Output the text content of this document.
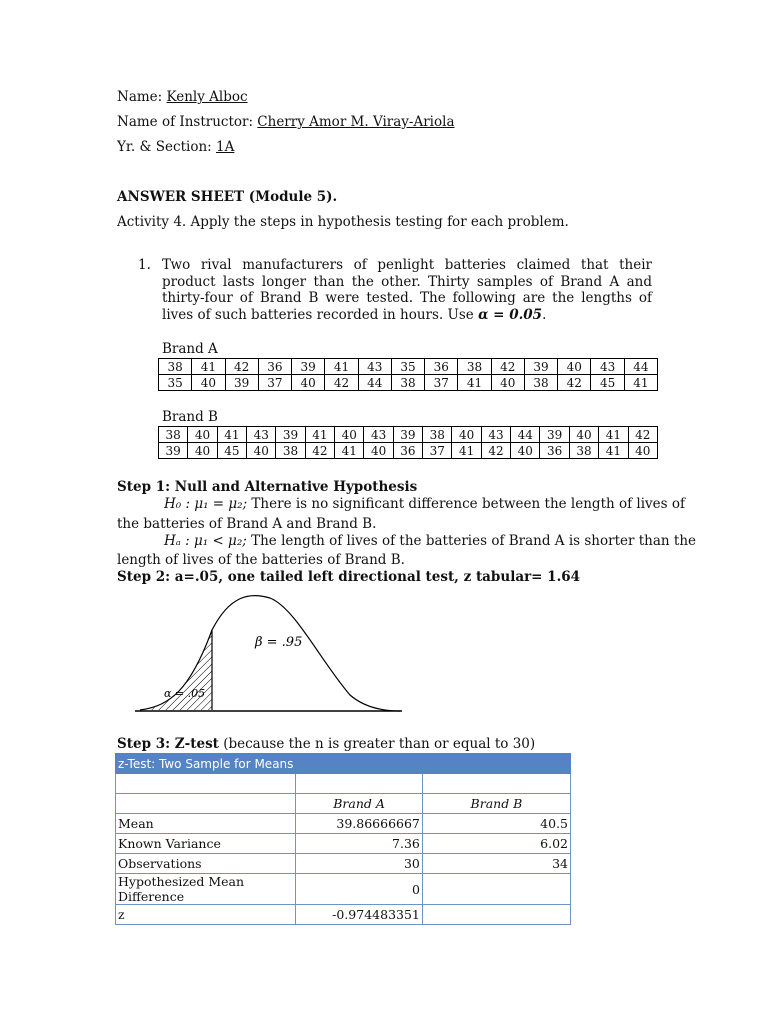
Name: Kenly Alboc
Name of Instructor: Cherry Amor M. Viray-Ariola
Yr. & Section: 1A
ANSWER SHEET (Module 5).
Activity 4. Apply the steps in hypothesis testing for each problem.
1. Two rival manufacturers of penlight batteries claimed that their product lasts longer than the other. Thirty samples of Brand A and thirty-four of Brand B were tested. The following are the lengths of lives of such batteries recorded in hours. Use α = 0.05.
Brand A
38	41	42	36	39	41	43	35	36	38	42	39	40	43	44
35	40	39	37	40	42	44	38	37	41	40	38	42	45	41
Brand B
38	40	41	43	39	41	40	43	39	38	40	43	44	39	40	41	42
39	40	45	40	38	42	41	40	36	37	41	42	40	36	38	41	40
Step 1: Null and Alternative Hypothesis
H₀ : μ₁ = μ₂; There is no significant difference between the length of lives of
the batteries of Brand A and Brand B.
Hₐ : μ₁ < μ₂; The length of lives of the batteries of Brand A is shorter than the
length of lives of the batteries of Brand B.
Step 2: a=.05, one tailed left directional test, z tabular= 1.64
β = .95
α = .05
Step 3: Z-test (because the n is greater than or equal to 30)
z-Test: Two Sample for Means		

	Brand A	Brand B
Mean	39.86666667	40.5
Known Variance	7.36	6.02
Observations	30	34
Hypothesized Mean Difference	0	
z	-0.974483351	
